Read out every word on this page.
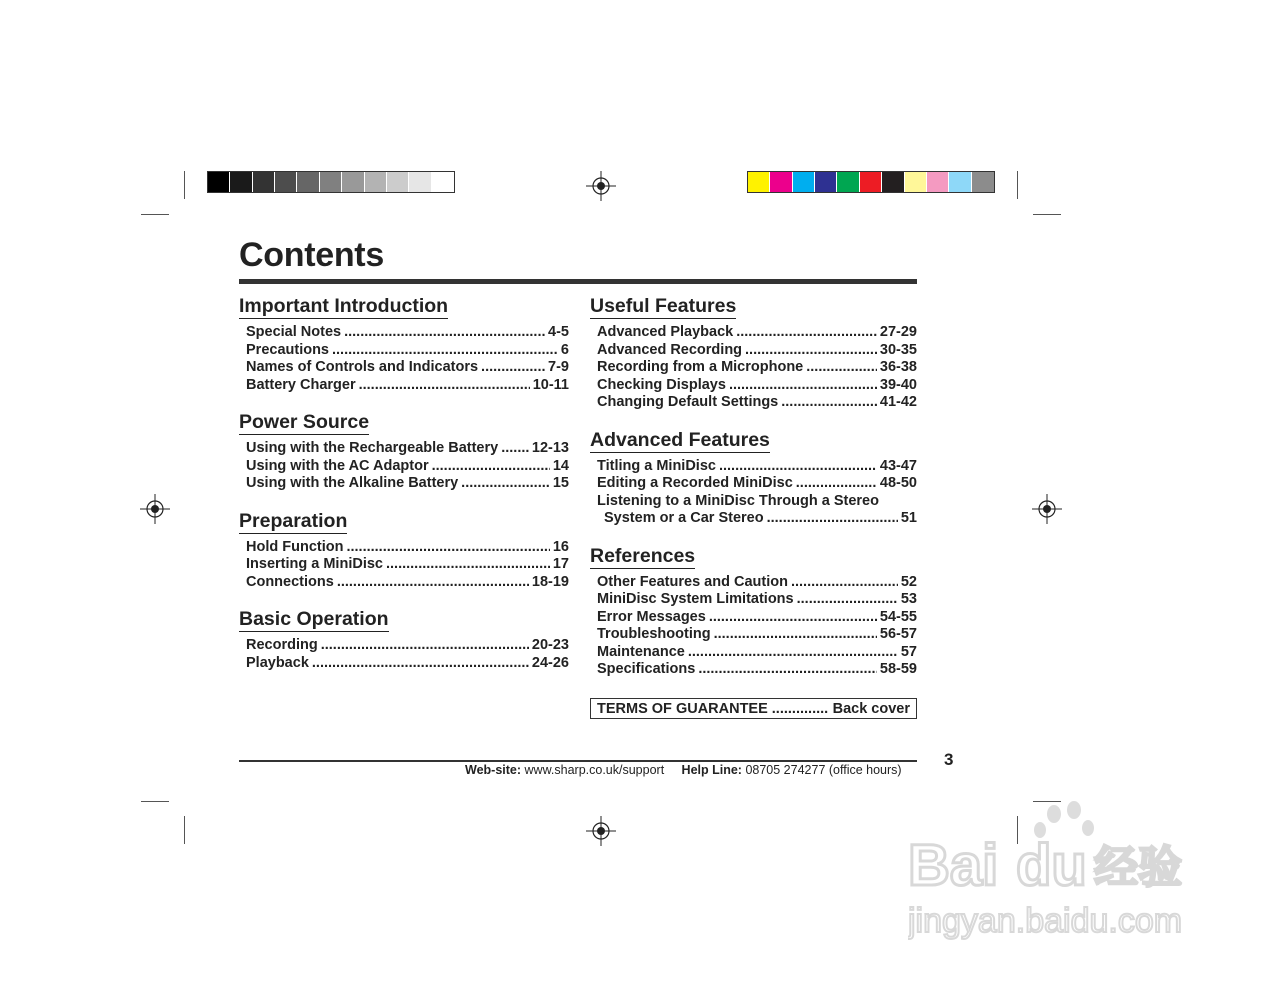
Contents
Important Introduction
Special Notes .....	4-5
Precautions .....	6
Names of Controls and Indicators .....	7-9
Battery Charger .....	10-11
Power Source
Using with the Rechargeable Battery ..... 12-13
Using with the AC Adaptor .....	14
Using with the Alkaline Battery .....	15
Preparation
Hold Function .....	16
Inserting a MiniDisc .....	17
Connections .....	18-19
Basic Operation
Recording .....	20-23
Playback .....	24-26
Useful Features
Advanced Playback .....	27-29
Advanced Recording .....	30-35
Recording from a Microphone .....	36-38
Checking Displays .....	39-40
Changing Default Settings .....	41-42
Advanced Features
Titling a MiniDisc .....	43-47
Editing a Recorded MiniDisc .....	48-50
Listening to a MiniDisc Through a Stereo
System or a Car Stereo .....	51
References
Other Features and Caution .....	52
MiniDisc System Limitations .....	53
Error Messages .....	54-55
Troubleshooting .....	56-57
Maintenance .....	57
Specifications .....	58-59
TERMS OF GUARANTEE .....	Back cover
Web-site: www.sharp.co.uk/support Help Line: 08705 274277 (office hours)
3
Bai du 经验
jingyan.baidu.com
